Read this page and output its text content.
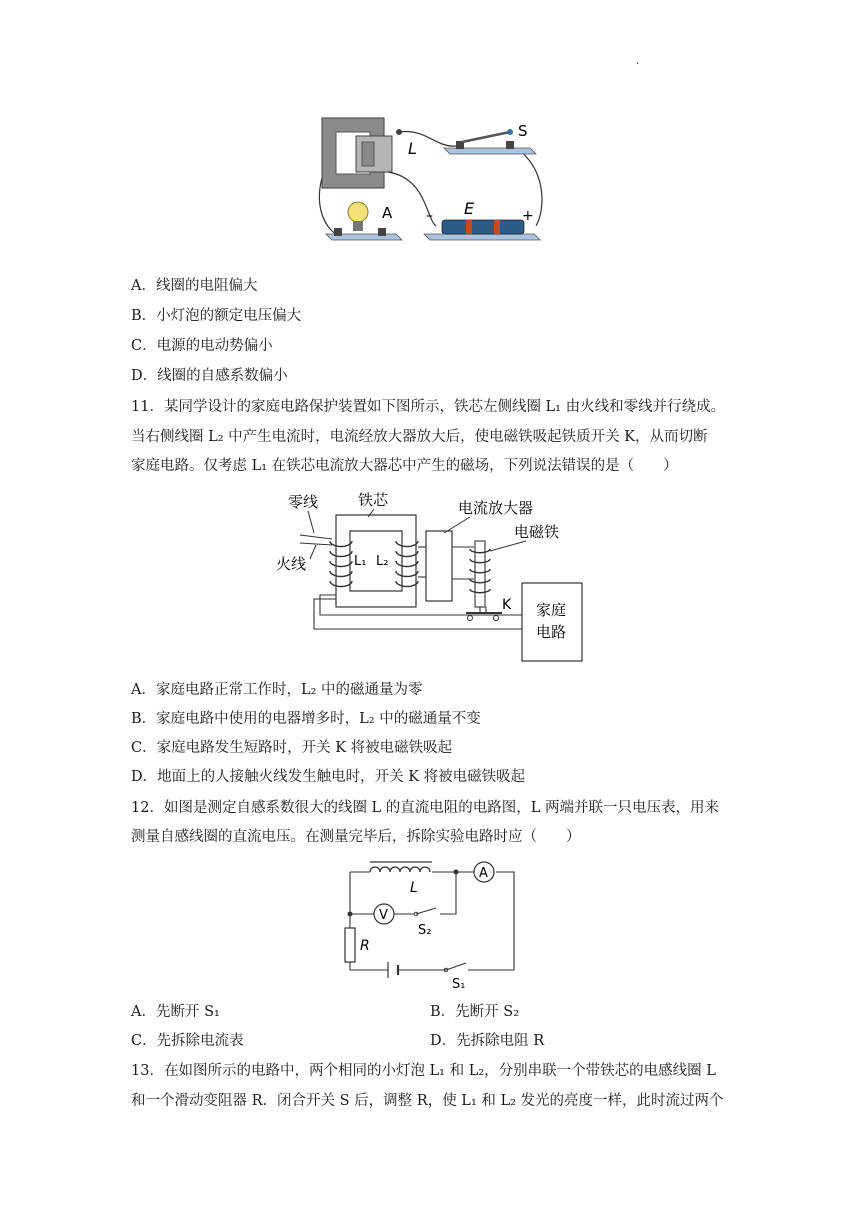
.
L
S
A	E
–	+
A．线圈的电阻偏大
B．小灯泡的额定电压偏大
C．电源的电动势偏小
D．线圈的自感系数偏小
11．某同学设计的家庭电路保护装置如下图所示，铁芯左侧线圈 L₁ 由火线和零线并行绕成。
当右侧线圈 L₂ 中产生电流时，电流经放大器放大后，使电磁铁吸起铁质开关 K，从而切断
家庭电路。仅考虑 L₁ 在铁芯电流放大器芯中产生的磁场，下列说法错误的是（　　）
零线	铁芯	电流放大器
电磁铁
火线	L₁ L₂
K 家庭
电路
A．家庭电路正常工作时，L₂ 中的磁通量为零
B．家庭电路中使用的电器增多时，L₂ 中的磁通量不变
C．家庭电路发生短路时，开关 K 将被电磁铁吸起
D．地面上的人接触火线发生触电时，开关 K 将被电磁铁吸起
12．如图是测定自感系数很大的线圈 L 的直流电阻的电路图，L 两端并联一只电压表，用来
测量自感线圈的直流电压。在测量完毕后，拆除实验电路时应（　　）
L
A
V
S₂
R
S₁
A．先断开 S₁	B．先断开 S₂
C．先拆除电流表	D．先拆除电阻 R
13．在如图所示的电路中，两个相同的小灯泡 L₁ 和 L₂，分别串联一个带铁芯的电感线圈 L
和一个滑动变阻器 R．闭合开关 S 后，调整 R，使 L₁ 和 L₂ 发光的亮度一样，此时流过两个
